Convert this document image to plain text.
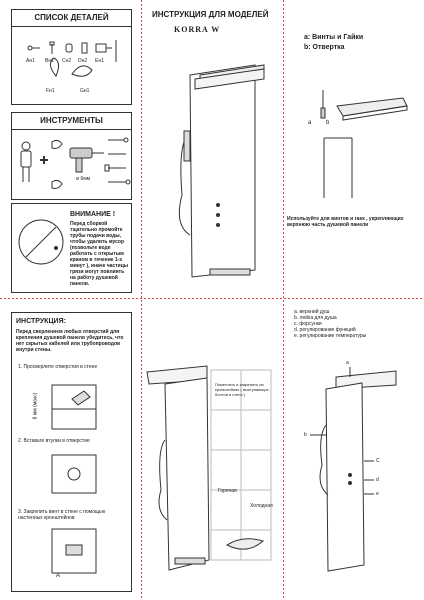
СПИСОК ДЕТАЛЕЙ
Aн1 Bн1 Cн2 Dн2 Eн1
Fн1	Gн1
ИНСТРУМЕНТЫ
ø 6мм
ВНИМАНИЕ !
Перед сборкой тщательно промойте трубы подачи воды, чтобы удалить мусор (позвольте воде работать с открытым краном в течение 1-х минут ), иначе частицы грязи могут повлиять на работу душевой панели.
ИНСТРУКЦИЯ ДЛЯ МОДЕЛЕЙ
KORRA W
a: Винты и Гайки
b: Отвертка
a b
Используйте для винтов и гаек , укрепляющих верхнюю часть душевой панели
ИНСТРУКЦИЯ:
Перед сверлением любых отверстий для крепления душевой панели убедитесь, что нет скрытых кабелей или трубопроводов внутри стены.
1. Просверлите отверстия в стене
8 мм (макс)
2. Вставьте втулки в отверстие
3. Закрепить винт в стене с помощью настенных кронштейнов
A
Поместить и закрепить на кронштейнах ( выступающих болтов в стене )
Горячая
Холодная
a. верхний душ
b. лейка для душа
c. форсунки
d. регулирование функций
e. регулирование температуры
a
b
C
d
e
